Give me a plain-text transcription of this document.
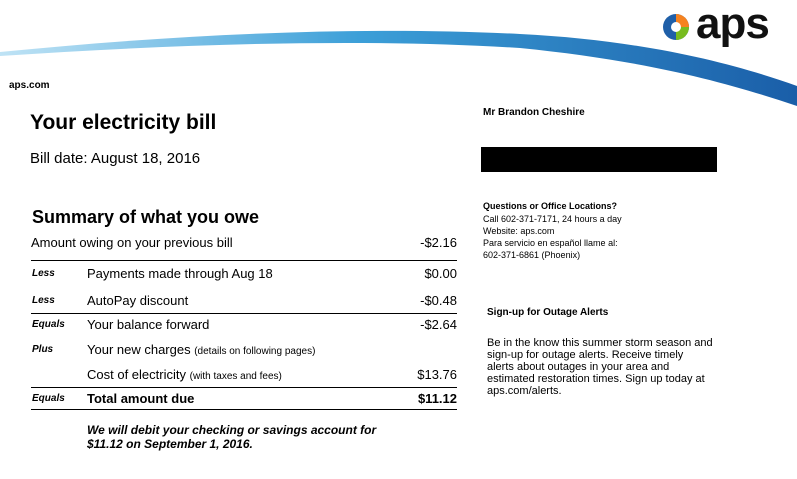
aps
aps.com
Your electricity bill
Bill date: August 18, 2016
Summary of what you owe
Amount owing on your previous bill	-$2.16
Less Payments made through Aug 18	$0.00
Less AutoPay discount	-$0.48
Equals Your balance forward	-$2.64
Plus	Your new charges (details on following pages)
Cost of electricity (with taxes and fees)	$13.76
Equals Total amount due	$11.12
We will debit your checking or savings account for
$11.12 on September 1, 2016.
Mr Brandon Cheshire
Questions or Office Locations?
Call 602-371-7171, 24 hours a day
Website: aps.com
Para servicio en español llame al:
602-371-6861 (Phoenix)
Sign-up for Outage Alerts
Be in the know this summer storm season and
sign-up for outage alerts. Receive timely
alerts about outages in your area and
estimated restoration times. Sign up today at
aps.com/alerts.
